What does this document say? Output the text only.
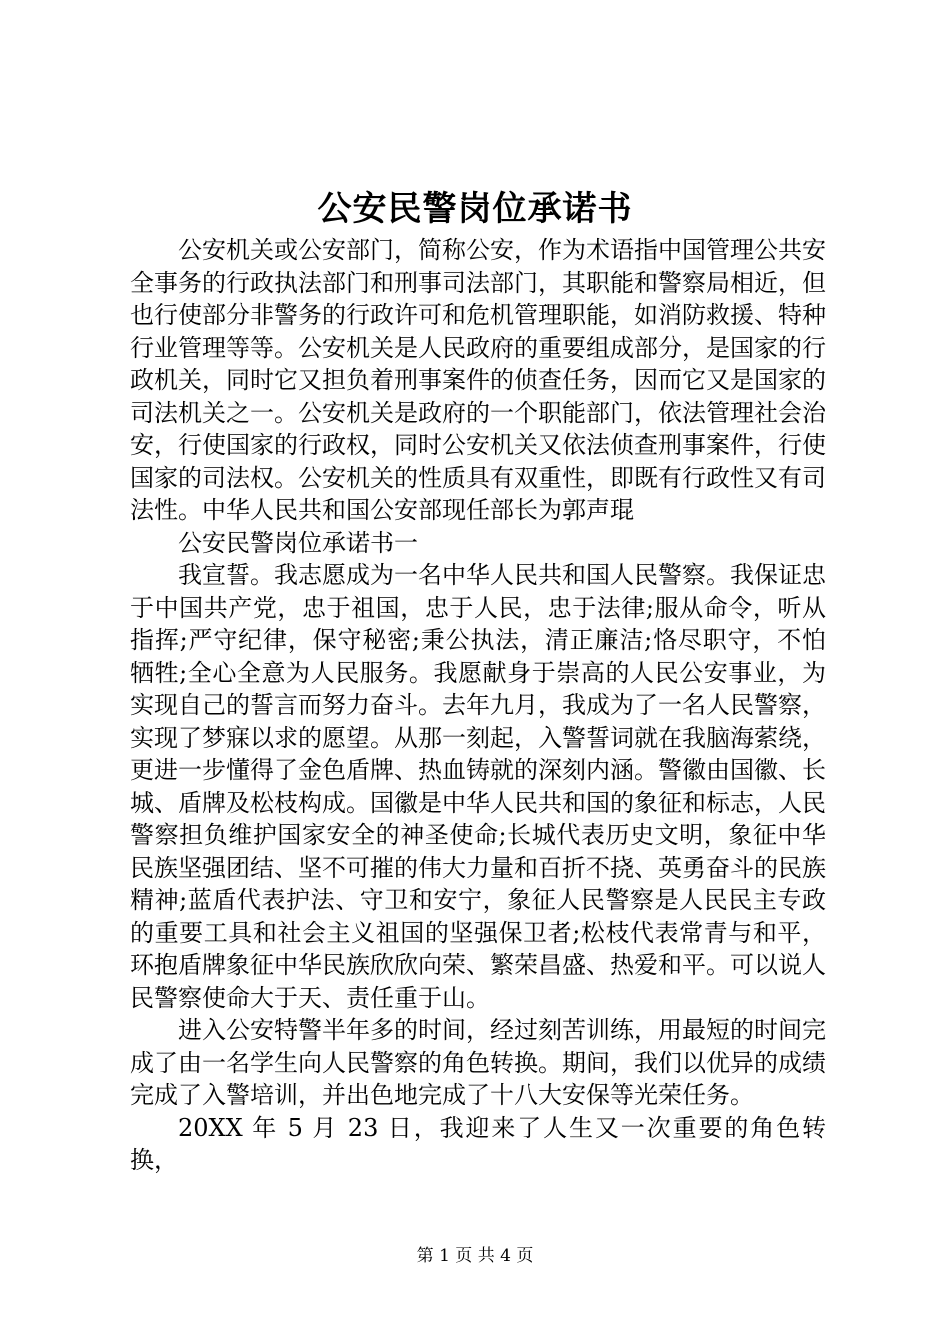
公安民警岗位承诺书

公安机关或公安部门，简称公安，作为术语指中国管理公共安全事务的行政执法部门和刑事司法部门，其职能和警察局相近，但也行使部分非警务的行政许可和危机管理职能，如消防救援、特种行业管理等等。公安机关是人民政府的重要组成部分，是国家的行政机关，同时它又担负着刑事案件的侦查任务，因而它又是国家的司法机关之一。公安机关是政府的一个职能部门，依法管理社会治安，行使国家的行政权，同时公安机关又依法侦查刑事案件，行使国家的司法权。公安机关的性质具有双重性，即既有行政性又有司法性。中华人民共和国公安部现任部长为郭声琨

公安民警岗位承诺书一

我宣誓。我志愿成为一名中华人民共和国人民警察。我保证忠于中国共产党，忠于祖国，忠于人民，忠于法律;服从命令，听从指挥;严守纪律，保守秘密;秉公执法，清正廉洁;恪尽职守，不怕牺牲;全心全意为人民服务。我愿献身于崇高的人民公安事业，为实现自己的誓言而努力奋斗。去年九月，我成为了一名人民警察，实现了梦寐以求的愿望。从那一刻起，入警誓词就在我脑海萦绕，更进一步懂得了金色盾牌、热血铸就的深刻内涵。警徽由国徽、长城、盾牌及松枝构成。国徽是中华人民共和国的象征和标志，人民警察担负维护国家安全的神圣使命;长城代表历史文明，象征中华民族坚强团结、坚不可摧的伟大力量和百折不挠、英勇奋斗的民族精神;蓝盾代表护法、守卫和安宁，象征人民警察是人民民主专政的重要工具和社会主义祖国的坚强保卫者;松枝代表常青与和平，环抱盾牌象征中华民族欣欣向荣、繁荣昌盛、热爱和平。可以说人民警察使命大于天、责任重于山。

进入公安特警半年多的时间，经过刻苦训练，用最短的时间完成了由一名学生向人民警察的角色转换。期间，我们以优异的成绩完成了入警培训，并出色地完成了十八大安保等光荣任务。

20XX 年 5 月 23 日，我迎来了人生又一次重要的角色转换，

第 1 页 共 4 页
